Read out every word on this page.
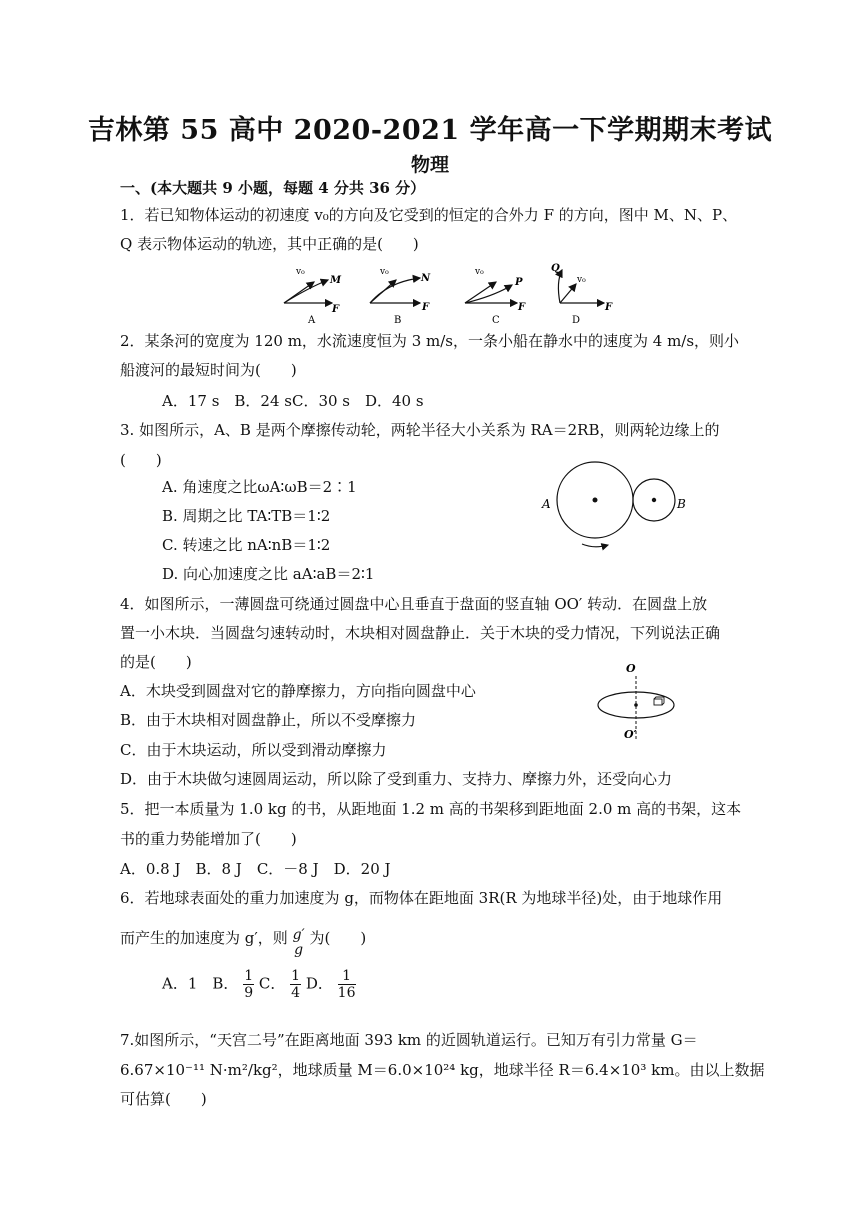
吉林第 55 高中 2020-2021 学年高一下学期期末考试
物理
一、(本大题共 9 小题，每题 4 分共 36 分）
1．若已知物体运动的初速度 v₀的方向及它受到的恒定的合外力 F 的方向，图中 M、N、P、
Q 表示物体运动的轨迹，其中正确的是(　　)
v₀
M
F
A
v₀
N
F
B
v₀
P
F
C
v₀
Q
F
D
2．某条河的宽度为 120 m，水流速度恒为 3 m/s，一条小船在静水中的速度为 4 m/s，则小
船渡河的最短时间为(　　)
A．17 s　B．24 sC．30 s　D．40 s
3. 如图所示，A、B 是两个摩擦传动轮，两轮半径大小关系为 RA＝2RB，则两轮边缘上的
(　　)
A. 角速度之比ωA∶ωB＝2∶1
B. 周期之比 TA∶TB＝1∶2
C. 转速之比 nA∶nB＝1∶2
D. 向心加速度之比 aA∶aB＝2∶1
A	B
4．如图所示，一薄圆盘可绕通过圆盘中心且垂直于盘面的竖直轴 OO′ 转动．在圆盘上放
置一小木块．当圆盘匀速转动时，木块相对圆盘静止．关于木块的受力情况，下列说法正确
的是(　　)
A．木块受到圆盘对它的静摩擦力，方向指向圆盘中心
B．由于木块相对圆盘静止，所以不受摩擦力
C．由于木块运动，所以受到滑动摩擦力
D．由于木块做匀速圆周运动，所以除了受到重力、支持力、摩擦力外，还受向心力
O
O′
5．把一本质量为 1.0 kg 的书，从距地面 1.2 m 高的书架移到距地面 2.0 m 高的书架，这本
书的重力势能增加了(　　)
A．0.8 J　B．8 J　C．－8 J　D．20 J
6．若地球表面处的重力加速度为 g，而物体在距地面 3R(R 为地球半径)处，由于地球作用
而产生的加速度为 g′，则 g′
g
为(　　)
A．1　B． $\frac{1}{9}$ C． $\frac{1}{4}$ D． $\frac{1}{16}$
7.如图所示，“天宫二号”在距离地面 393 km 的近圆轨道运行。已知万有引力常量 G＝
6.67×10⁻¹¹ N·m²/kg²，地球质量 M＝6.0×10²⁴ kg，地球半径 R＝6.4×10³ km。由以上数据
可估算(　　)
